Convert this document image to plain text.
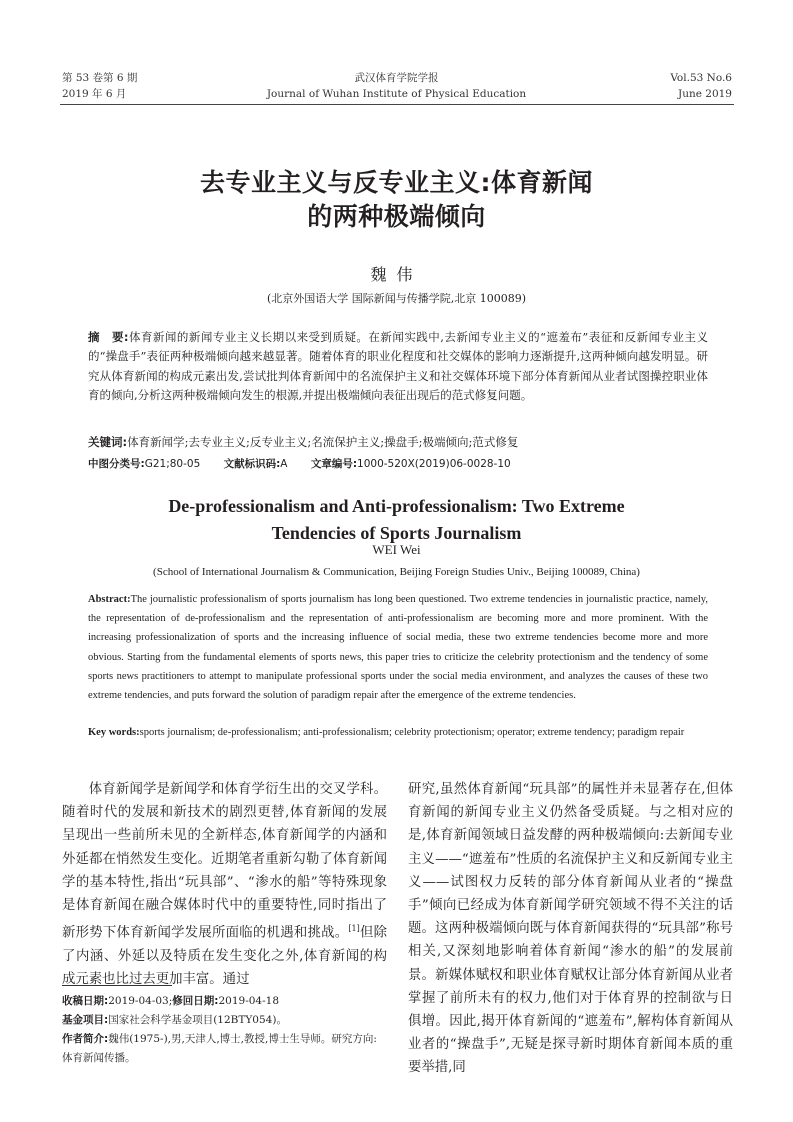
第 53 卷第 6 期
2019 年 6 月
武汉体育学院学报
Journal of Wuhan Institute of Physical Education
Vol.53 No.6
June 2019
去专业主义与反专业主义:体育新闻
的两种极端倾向
魏伟
(北京外国语大学 国际新闻与传播学院,北京 100089)
摘　要:体育新闻的新闻专业主义长期以来受到质疑。在新闻实践中,去新闻专业主义的“遮羞布”表征和反新闻专业主义的“操盘手”表征两种极端倾向越来越显著。随着体育的职业化程度和社交媒体的影响力逐渐提升,这两种倾向越发明显。研究从体育新闻的构成元素出发,尝试批判体育新闻中的名流保护主义和社交媒体环境下部分体育新闻从业者试图操控职业体育的倾向,分析这两种极端倾向发生的根源,并提出极端倾向表征出现后的范式修复问题。
关键词:体育新闻学;去专业主义;反专业主义;名流保护主义;操盘手;极端倾向;范式修复
中图分类号:G21;80-05 文献标识码:A 文章编号:1000-520X(2019)06-0028-10
De-professionalism and Anti-professionalism: Two Extreme
Tendencies of Sports Journalism
WEI Wei
(School of International Journalism & Communication, Beijing Foreign Studies Univ., Beijing 100089, China)
Abstract:The journalistic professionalism of sports journalism has long been questioned. Two extreme tendencies in journalistic practice, namely, the representation of de-professionalism and the representation of anti-professionalism are becoming more and more prominent. With the increasing professionalization of sports and the increasing influence of social media, these two extreme tendencies become more and more obvious. Starting from the fundamental elements of sports news, this paper tries to criticize the celebrity protectionism and the tendency of some sports news practitioners to attempt to manipulate professional sports under the social media environment, and analyzes the causes of these two extreme tendencies, and puts forward the solution of paradigm repair after the emergence of the extreme tendencies.
Key words:sports journalism; de-professionalism; anti-professionalism; celebrity protectionism; operator; extreme tendency; paradigm repair
体育新闻学是新闻学和体育学衍生出的交叉学科。随着时代的发展和新技术的剧烈更替,体育新闻的发展呈现出一些前所未见的全新样态,体育新闻学的内涵和外延都在悄然发生变化。近期笔者重新勾勒了体育新闻学的基本特性,指出“玩具部”、“渗水的船”等特殊现象是体育新闻在融合媒体时代中的重要特性,同时指出了新形势下体育新闻学发展所面临的机遇和挑战。[1]但除了内涵、外延以及特质在发生变化之外,体育新闻的构成元素也比过去更加丰富。通过
研究,虽然体育新闻“玩具部”的属性并未显著存在,但体育新闻的新闻专业主义仍然备受质疑。与之相对应的是,体育新闻领域日益发酵的两种极端倾向:去新闻专业主义——“遮羞布”性质的名流保护主义和反新闻专业主义——试图权力反转的部分体育新闻从业者的“操盘手”倾向已经成为体育新闻学研究领域不得不关注的话题。这两种极端倾向既与体育新闻获得的“玩具部”称号相关,又深刻地影响着体育新闻“渗水的船”的发展前景。新媒体赋权和职业体育赋权让部分体育新闻从业者掌握了前所未有的权力,他们对于体育界的控制欲与日俱增。因此,揭开体育新闻的“遮羞布”,解构体育新闻从业者的“操盘手”,无疑是探寻新时期体育新闻本质的重要举措,同
收稿日期:2019-04-03;修回日期:2019-04-18
基金项目:国家社会科学基金项目(12BTY054)。
作者简介:魏伟(1975-),男,天津人,博士,教授,博士生导师。研究方向:体育新闻传播。
